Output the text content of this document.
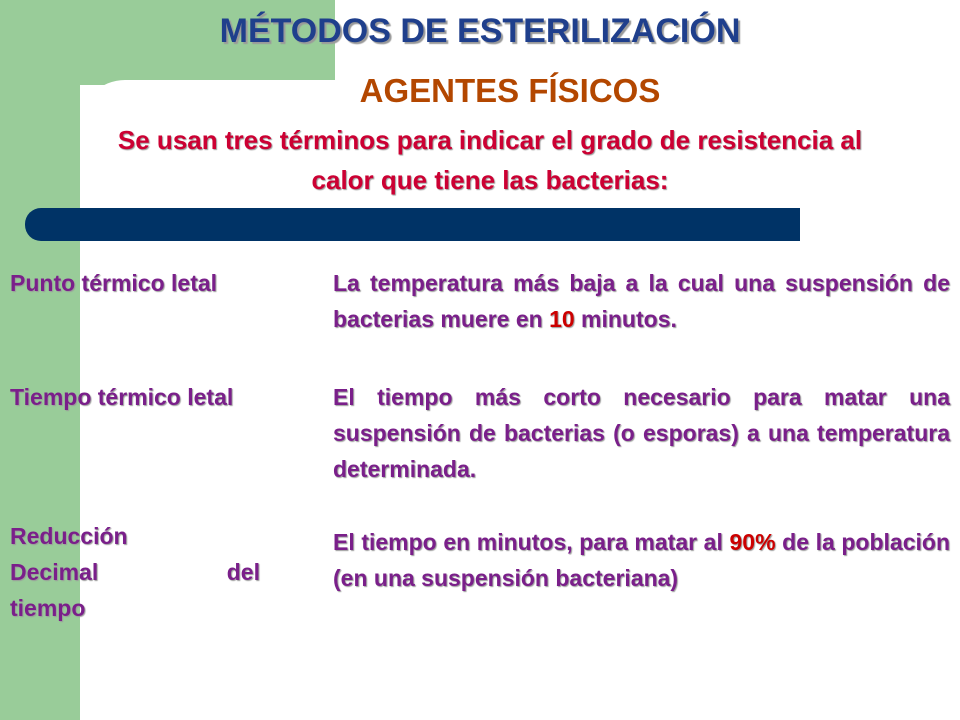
MÉTODOS DE ESTERILIZACIÓN
AGENTES FÍSICOS

Se usan tres términos para indicar el grado de resistencia al calor que tiene las bacterias:

Punto térmico letal	La temperatura más baja a la cual una suspensión de bacterias muere en 10 minutos.

Tiempo térmico letal	El tiempo más corto necesario para matar una suspensión de bacterias (o esporas) a una temperatura determinada.

Reducción
Decimal del
tiempo

El tiempo en minutos, para matar al 90% de la población (en una suspensión bacteriana)
